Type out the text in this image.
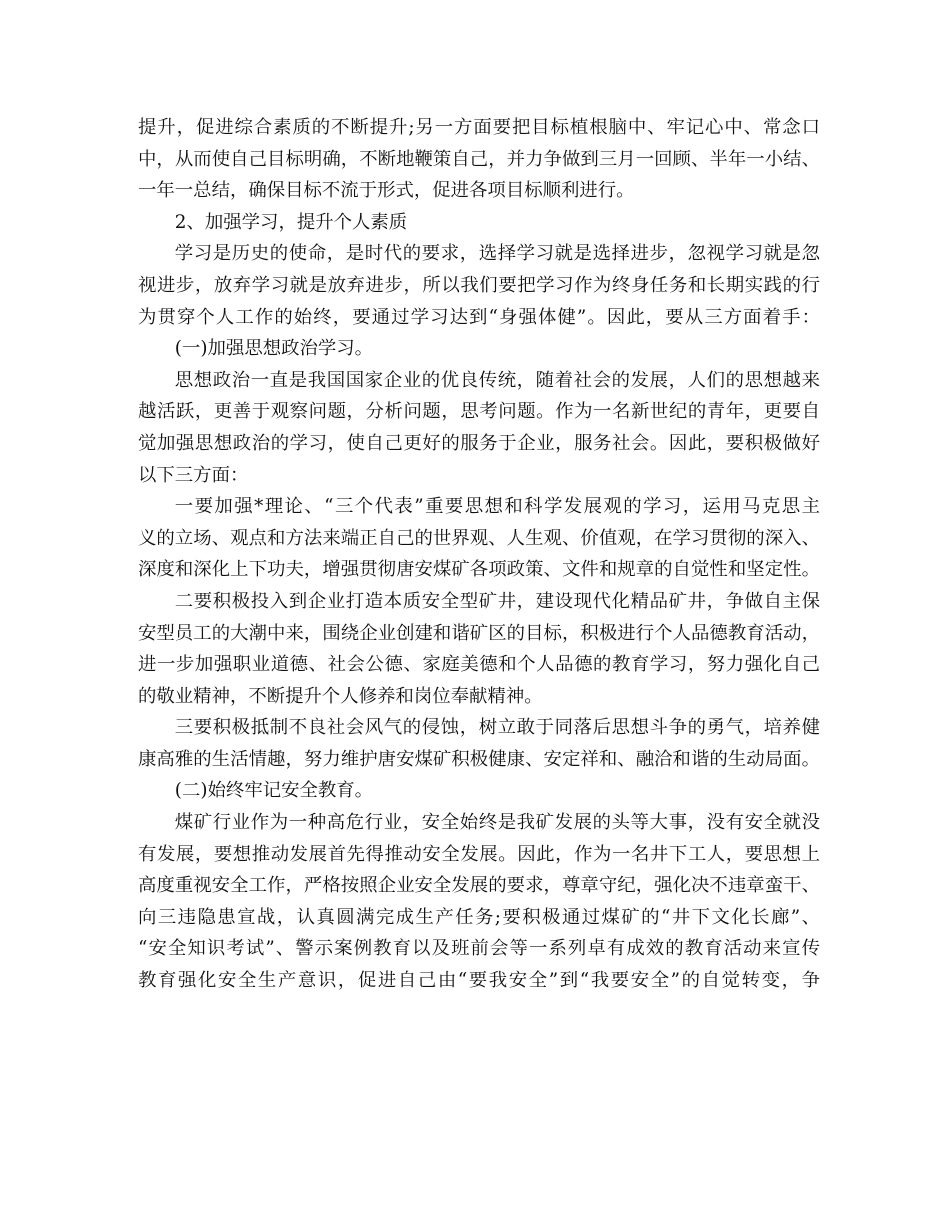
提升，促进综合素质的不断提升;另一方面要把目标植根脑中、牢记心中、常念口
中，从而使自己目标明确，不断地鞭策自己，并力争做到三月一回顾、半年一小结、
一年一总结，确保目标不流于形式，促进各项目标顺利进行。
2、加强学习，提升个人素质
学习是历史的使命，是时代的要求，选择学习就是选择进步，忽视学习就是忽
视进步，放弃学习就是放弃进步，所以我们要把学习作为终身任务和长期实践的行
为贯穿个人工作的始终，要通过学习达到“身强体健”。因此，要从三方面着手：
(一)加强思想政治学习。
思想政治一直是我国国家企业的优良传统，随着社会的发展，人们的思想越来
越活跃，更善于观察问题，分析问题，思考问题。作为一名新世纪的青年，更要自
觉加强思想政治的学习，使自己更好的服务于企业，服务社会。因此，要积极做好
以下三方面：
一要加强*理论、“三个代表”重要思想和科学发展观的学习，运用马克思主
义的立场、观点和方法来端正自己的世界观、人生观、价值观，在学习贯彻的深入、
深度和深化上下功夫，增强贯彻唐安煤矿各项政策、文件和规章的自觉性和坚定性。
二要积极投入到企业打造本质安全型矿井，建设现代化精品矿井，争做自主保
安型员工的大潮中来，围绕企业创建和谐矿区的目标，积极进行个人品德教育活动，
进一步加强职业道德、社会公德、家庭美德和个人品德的教育学习，努力强化自己
的敬业精神，不断提升个人修养和岗位奉献精神。
三要积极抵制不良社会风气的侵蚀，树立敢于同落后思想斗争的勇气，培养健
康高雅的生活情趣，努力维护唐安煤矿积极健康、安定祥和、融洽和谐的生动局面。
(二)始终牢记安全教育。
煤矿行业作为一种高危行业，安全始终是我矿发展的头等大事，没有安全就没
有发展，要想推动发展首先得推动安全发展。因此，作为一名井下工人，要思想上
高度重视安全工作，严格按照企业安全发展的要求，尊章守纪，强化决不违章蛮干、
向三违隐患宣战，认真圆满完成生产任务;要积极通过煤矿的“井下文化长廊”、
“安全知识考试”、警示案例教育以及班前会等一系列卓有成效的教育活动来宣传
教育强化安全生产意识，促进自己由“要我安全”到“我要安全”的自觉转变，争
